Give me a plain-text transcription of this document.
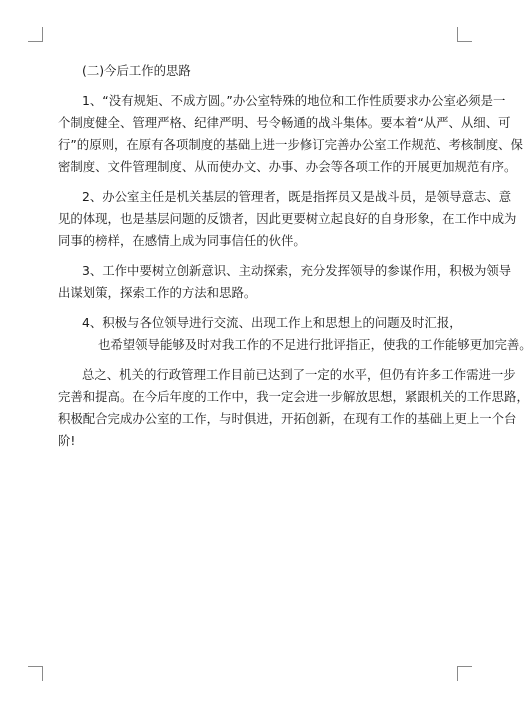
(二)今后工作的思路
1、“没有规矩、不成方圆。”办公室特殊的地位和工作性质要求办公室必须是一
个制度健全、管理严格、纪律严明、号令畅通的战斗集体。要本着“从严、从细、可
行”的原则，在原有各项制度的基础上进一步修订完善办公室工作规范、考核制度、保
密制度、文件管理制度、从而使办文、办事、办会等各项工作的开展更加规范有序。
2、办公室主任是机关基层的管理者，既是指挥员又是战斗员，是领导意志、意
见的体现，也是基层问题的反馈者，因此更要树立起良好的自身形象，在工作中成为
同事的榜样，在感情上成为同事信任的伙伴。
3、工作中要树立创新意识、主动探索，充分发挥领导的参谋作用，积极为领导
出谋划策，探索工作的方法和思路。
4、积极与各位领导进行交流、出现工作上和思想上的问题及时汇报，
也希望领导能够及时对我工作的不足进行批评指正，使我的工作能够更加完善。
总之、机关的行政管理工作目前已达到了一定的水平，但仍有许多工作需进一步
完善和提高。在今后年度的工作中，我一定会进一步解放思想，紧跟机关的工作思路，
积极配合完成办公室的工作，与时俱进，开拓创新，在现有工作的基础上更上一个台
阶!
